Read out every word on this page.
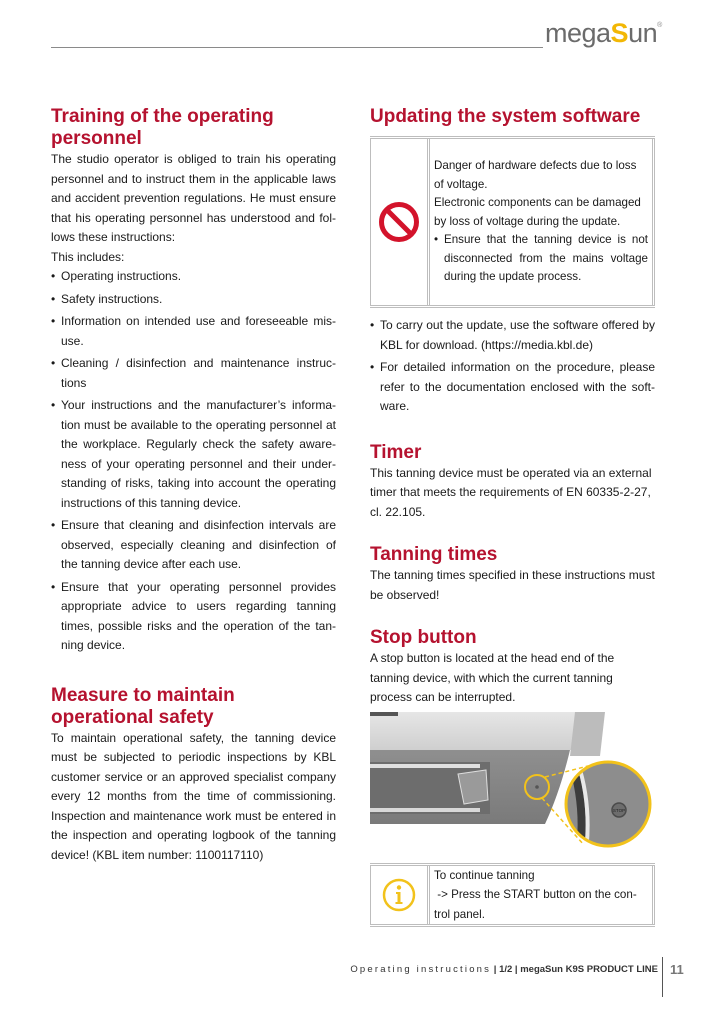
megaSun®
Training of the operating personnel

The studio operator is obliged to train his operating personnel and to instruct them in the applicable laws and accident prevention regulations. He must ensure that his operating personnel has understood and fol-lows these instructions:

This includes:

• Operating instructions.
• Safety instructions.
• Information on intended use and foreseeable mis-use.
• Cleaning / disinfection and maintenance instruc-tions
• Your instructions and the manufacturer’s informa-tion must be available to the operating personnel at the workplace. Regularly check the safety aware-ness of your operating personnel and their under-standing of risks, taking into account the operating instructions of this tanning device.
• Ensure that cleaning and disinfection intervals are observed, especially cleaning and disinfection of the tanning device after each use.
• Ensure that your operating personnel provides appropriate advice to users regarding tanning times, possible risks and the operation of the tan-ning device.
Measure to maintain operational safety

To maintain operational safety, the tanning device must be subjected to periodic inspections by KBL customer service or an approved specialist company every 12 months from the time of commissioning. Inspection and maintenance work must be entered in the inspection and operating logbook of the tanning device! (KBL item number: 1100117110)

Updating the system software

Danger of hardware defects due to loss of voltage.

Electronic components can be damaged by loss of voltage during the update.

• Ensure that the tanning device is not disconnected from the mains voltage during the update process.
• To carry out the update, use the software offered by KBL for download. (https://media.kbl.de)
• For detailed information on the procedure, please refer to the documentation enclosed with the soft-ware.
Timer

This tanning device must be operated via an external timer that meets the requirements of EN 60335-2-27, cl. 22.105.

Tanning times

The tanning times specified in these instructions must be observed!

Stop button

A stop button is located at the head end of the tanning device, with which the current tanning process can be interrupted.

STOP

To continue tanning

-> Press the START button on the con-trol panel.

Operating instructions | 1/2 | megaSun K9S PRODUCT LINE 11
